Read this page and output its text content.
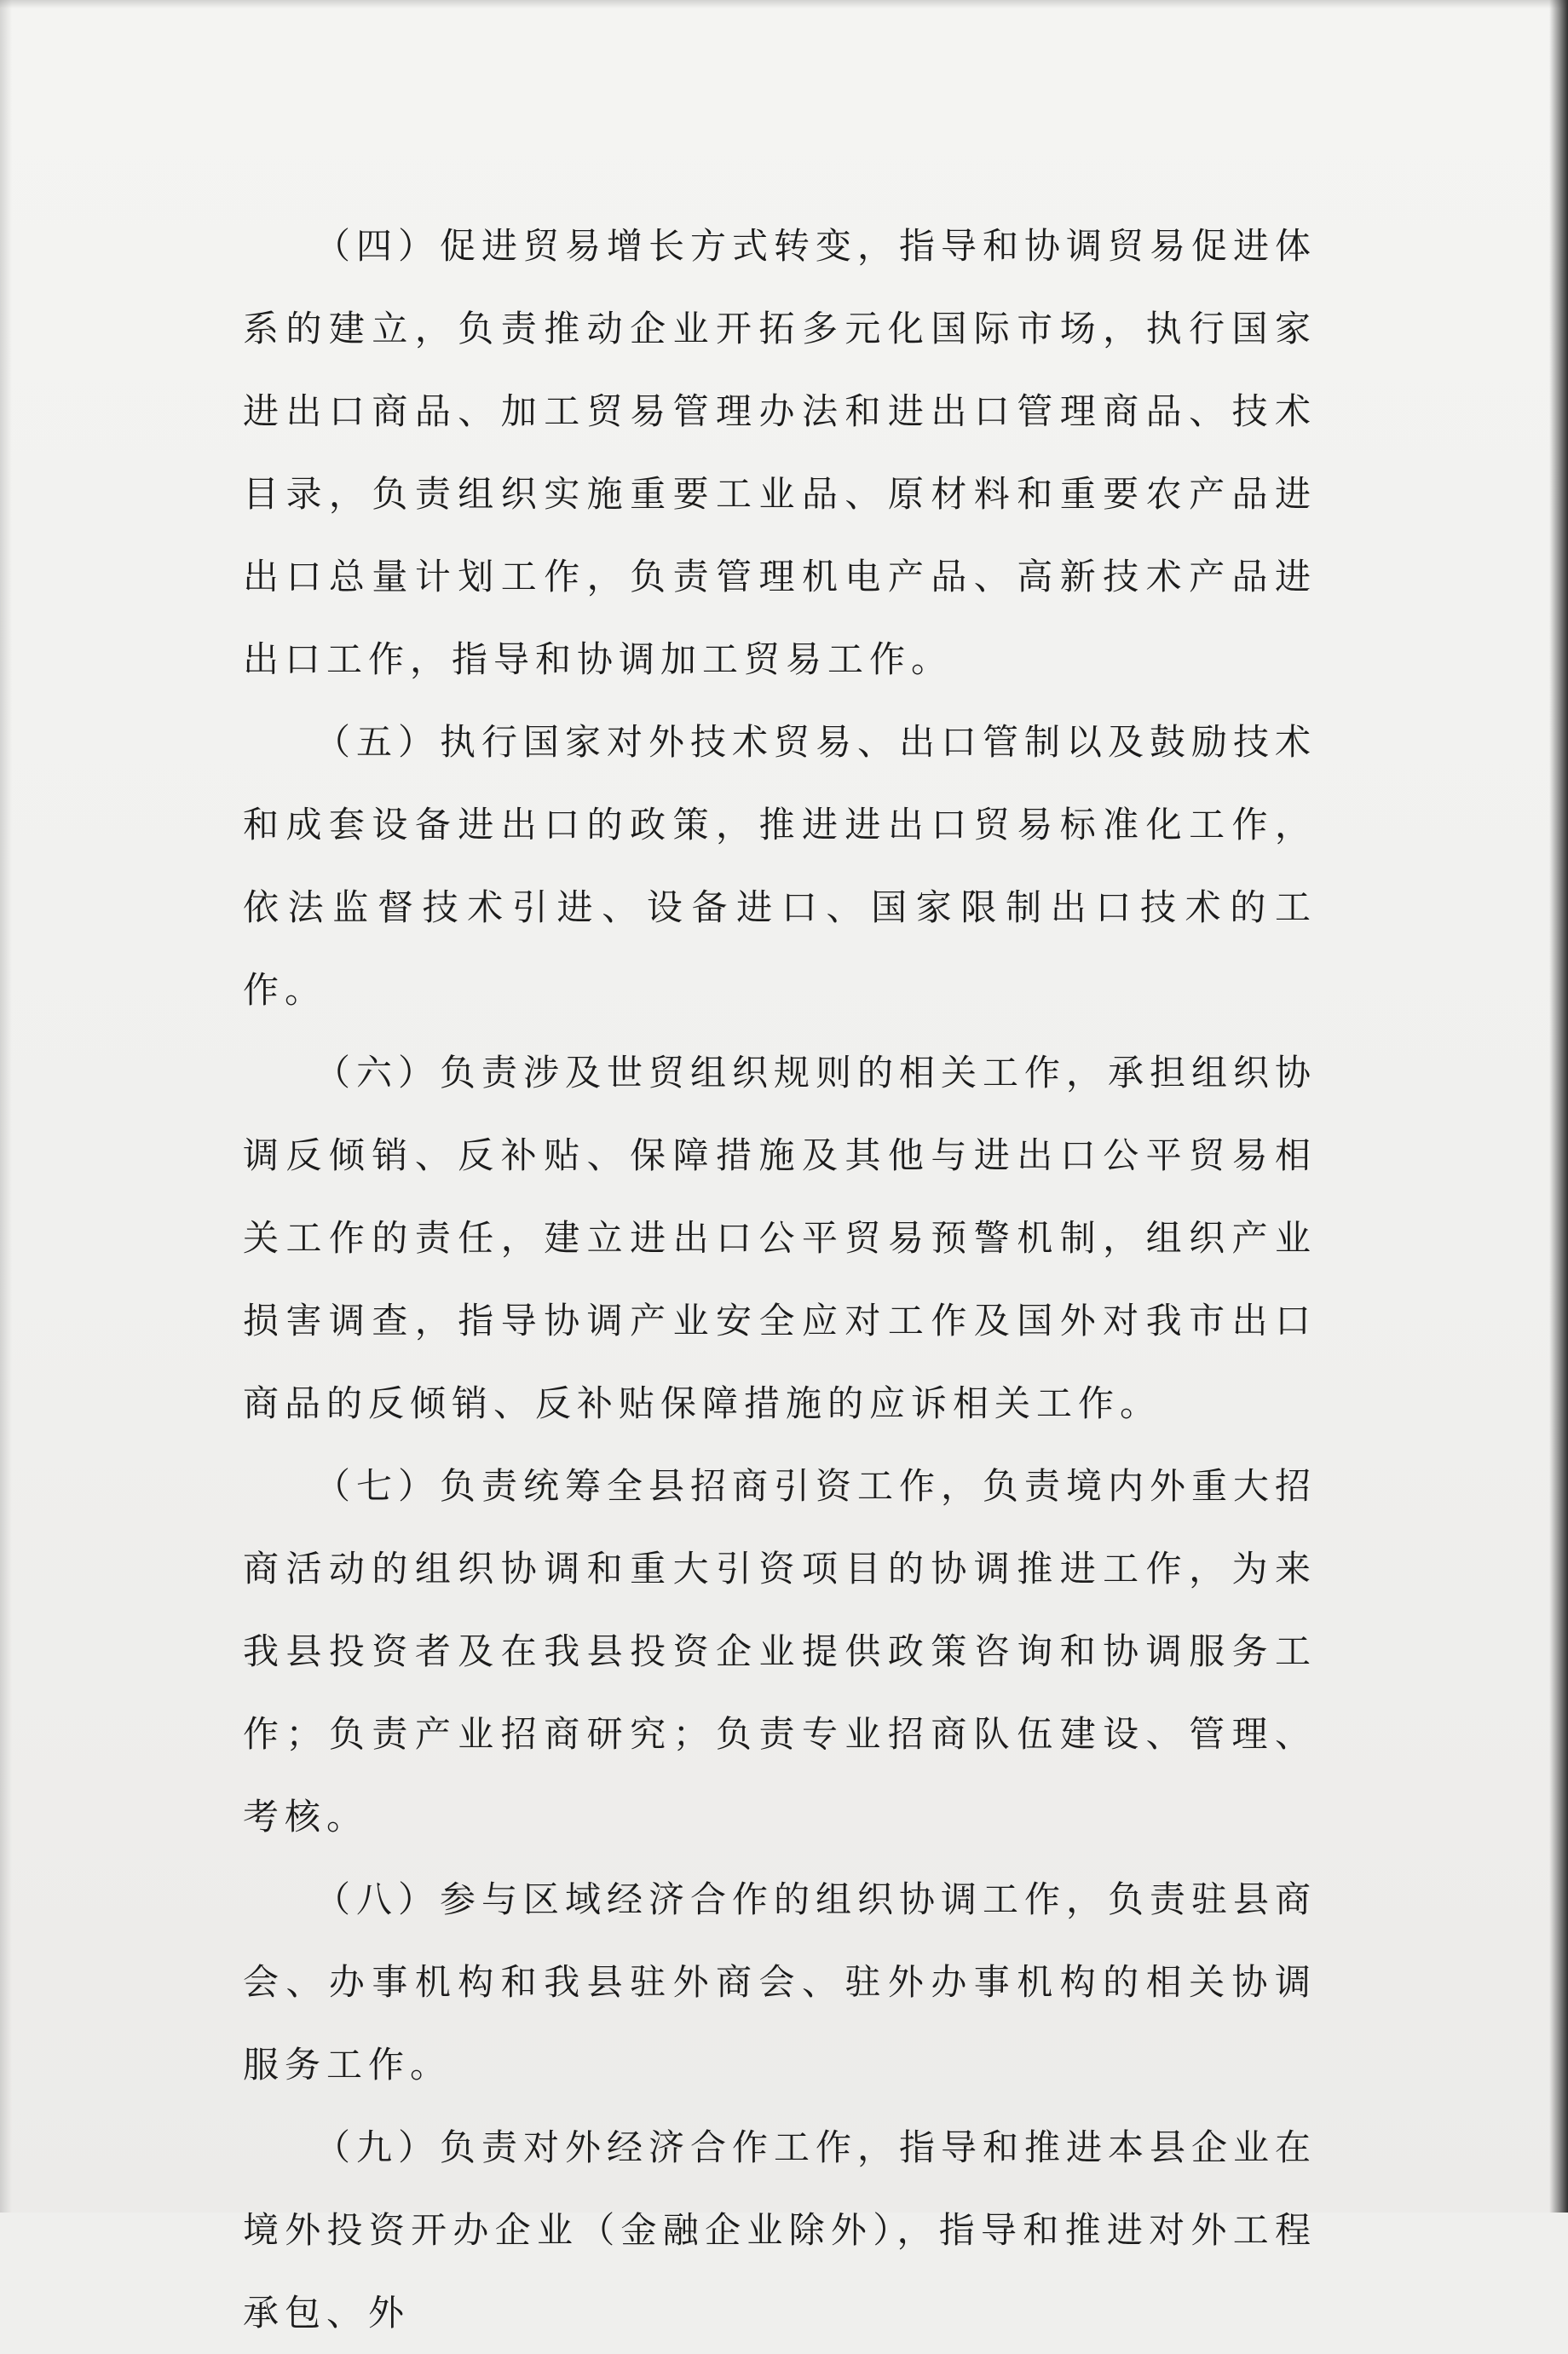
（四）促进贸易增长方式转变，指导和协调贸易促进体系的建立，负责推动企业开拓多元化国际市场，执行国家进出口商品、加工贸易管理办法和进出口管理商品、技术目录，负责组织实施重要工业品、原材料和重要农产品进出口总量计划工作，负责管理机电产品、高新技术产品进出口工作，指导和协调加工贸易工作。

（五）执行国家对外技术贸易、出口管制以及鼓励技术和成套设备进出口的政策，推进进出口贸易标准化工作，依法监督技术引进、设备进口、国家限制出口技术的工作。

（六）负责涉及世贸组织规则的相关工作，承担组织协调反倾销、反补贴、保障措施及其他与进出口公平贸易相关工作的责任，建立进出口公平贸易预警机制，组织产业损害调查，指导协调产业安全应对工作及国外对我市出口商品的反倾销、反补贴保障措施的应诉相关工作。

（七）负责统筹全县招商引资工作，负责境内外重大招商活动的组织协调和重大引资项目的协调推进工作，为来我县投资者及在我县投资企业提供政策咨询和协调服务工作；负责产业招商研究；负责专业招商队伍建设、管理、考核。

（八）参与区域经济合作的组织协调工作，负责驻县商会、办事机构和我县驻外商会、驻外办事机构的相关协调服务工作。

（九）负责对外经济合作工作，指导和推进本县企业在境外投资开办企业（金融企业除外），指导和推进对外工程承包、外
